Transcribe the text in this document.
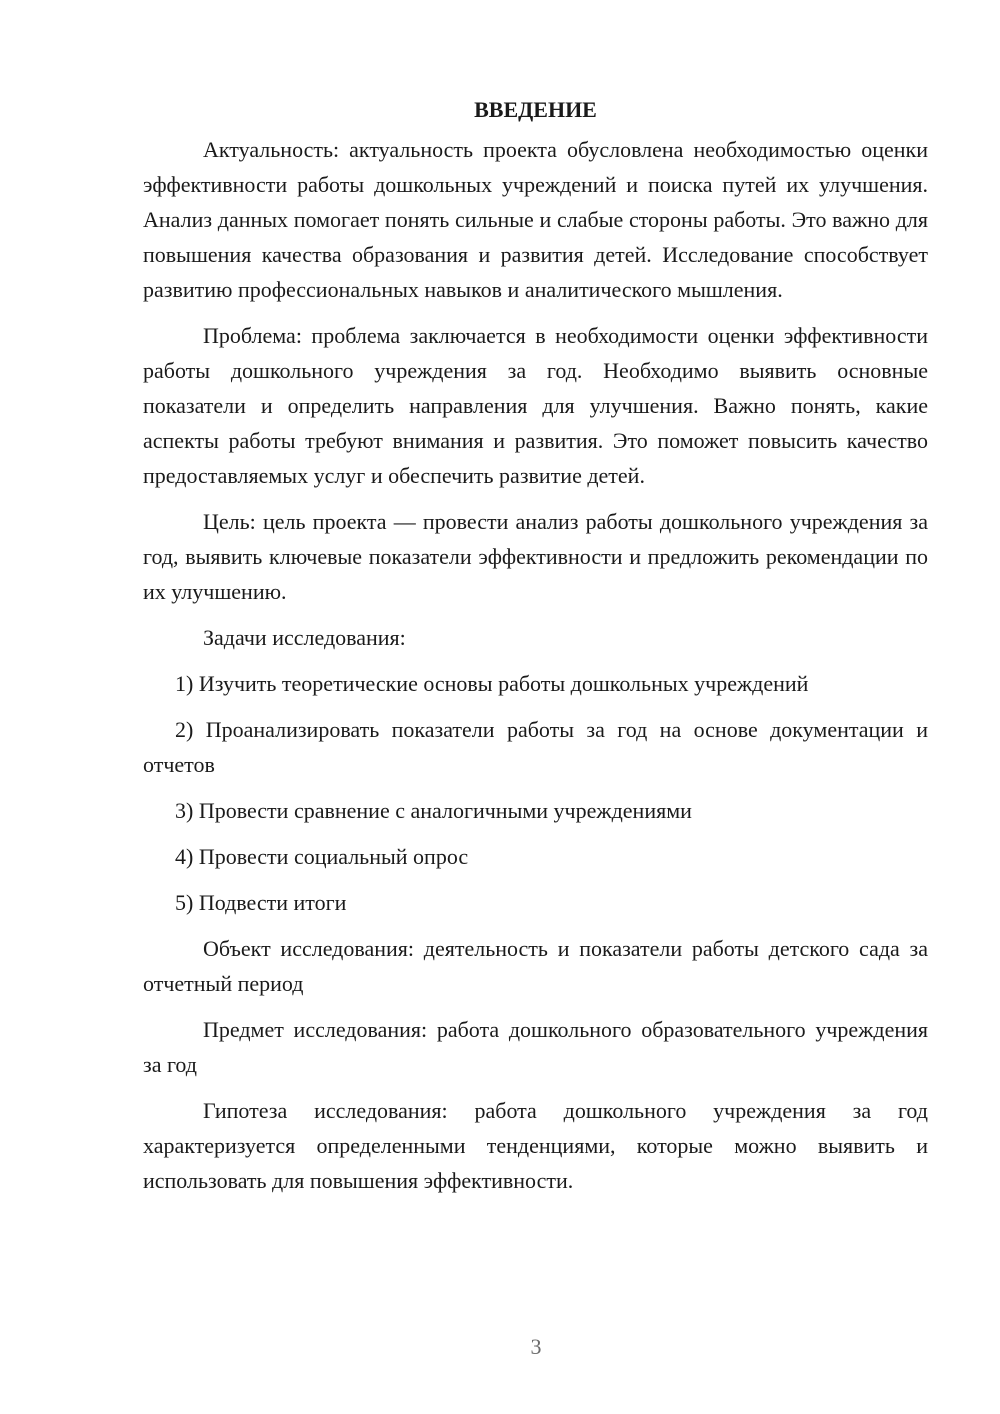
ВВЕДЕНИЕ

Актуальность: актуальность проекта обусловлена необходимостью оценки эффективности работы дошкольных учреждений и поиска путей их улучшения. Анализ данных помогает понять сильные и слабые стороны работы. Это важно для повышения качества образования и развития детей. Исследование способствует развитию профессиональных навыков и аналитического мышления.

Проблема: проблема заключается в необходимости оценки эффективности работы дошкольного учреждения за год. Необходимо выявить основные показатели и определить направления для улучшения. Важно понять, какие аспекты работы требуют внимания и развития. Это поможет повысить качество предоставляемых услуг и обеспечить развитие детей.

Цель: цель проекта — провести анализ работы дошкольного учреждения за год, выявить ключевые показатели эффективности и предложить рекомендации по их улучшению.

Задачи исследования:

1) Изучить теоретические основы работы дошкольных учреждений

2) Проанализировать показатели работы за год на основе документации и отчетов

3) Провести сравнение с аналогичными учреждениями

4) Провести социальный опрос

5) Подвести итоги

Объект исследования: деятельность и показатели работы детского сада за отчетный период

Предмет исследования: работа дошкольного образовательного учреждения за год

Гипотеза исследования: работа дошкольного учреждения за год характеризуется определенными тенденциями, которые можно выявить и использовать для повышения эффективности.

3
